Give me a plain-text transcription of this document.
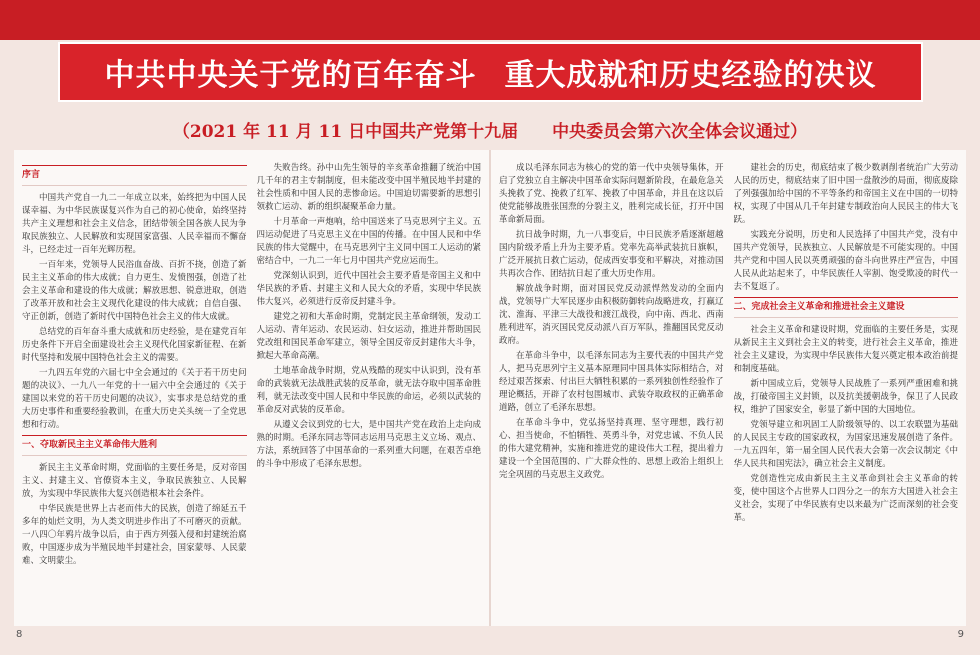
中共中央关于党的百年奋斗 重大成就和历史经验的决议
（2021 年 11 月 11 日中国共产党第十九届 中央委员会第六次全体会议通过）
序言

中国共产党自一九二一年成立以来，始终把为中国人民谋幸福、为中华民族谋复兴作为自己的初心使命，始终坚持共产主义理想和社会主义信念，团结带领全国各族人民为争取民族独立、人民解放和实现国家富强、人民幸福而不懈奋斗，已经走过一百年光辉历程。

一百年来，党领导人民浴血奋战、百折不挠，创造了新民主主义革命的伟大成就；自力更生、发愤图强，创造了社会主义革命和建设的伟大成就；解放思想、锐意进取，创造了改革开放和社会主义现代化建设的伟大成就；自信自强、守正创新，创造了新时代中国特色社会主义的伟大成就。

总结党的百年奋斗重大成就和历史经验，是在建党百年历史条件下开启全面建设社会主义现代化国家新征程、在新时代坚持和发展中国特色社会主义的需要。

一九四五年党的六届七中全会通过的《关于若干历史问题的决议》、一九八一年党的十一届六中全会通过的《关于建国以来党的若干历史问题的决议》，实事求是总结党的重大历史事件和重要经验教训，在重大历史关头统一了全党思想和行动。

一、夺取新民主主义革命伟大胜利

新民主主义革命时期，党面临的主要任务是，反对帝国主义、封建主义、官僚资本主义，争取民族独立、人民解放，为实现中华民族伟大复兴创造根本社会条件。

中华民族是世界上古老而伟大的民族，创造了绵延五千多年的灿烂文明，为人类文明进步作出了不可磨灭的贡献。一八四〇年鸦片战争以后，由于西方列强入侵和封建统治腐败，中国逐步成为半殖民地半封建社会，国家蒙辱、人民蒙难、文明蒙尘。

失败告终。孙中山先生领导的辛亥革命推翻了统治中国几千年的君主专制制度，但未能改变中国半殖民地半封建的社会性质和中国人民的悲惨命运。中国迫切需要新的思想引领救亡运动、新的组织凝聚革命力量。

十月革命一声炮响，给中国送来了马克思列宁主义。五四运动促进了马克思主义在中国的传播。在中国人民和中华民族的伟大觉醒中，在马克思列宁主义同中国工人运动的紧密结合中，一九二一年七月中国共产党应运而生。

党深刻认识到，近代中国社会主要矛盾是帝国主义和中华民族的矛盾、封建主义和人民大众的矛盾，实现中华民族伟大复兴，必须进行反帝反封建斗争。

建党之初和大革命时期，党制定民主革命纲领，发动工人运动、青年运动、农民运动、妇女运动，推进并帮助国民党改组和国民革命军建立，领导全国反帝反封建伟大斗争，掀起大革命高潮。

土地革命战争时期，党从残酷的现实中认识到，没有革命的武装就无法战胜武装的反革命，就无法夺取中国革命胜利，就无法改变中国人民和中华民族的命运，必须以武装的革命反对武装的反革命。

从遵义会议到党的七大，是中国共产党在政治上走向成熟的时期。毛泽东同志等同志运用马克思主义立场、观点、方法，系统回答了中国革命的一系列重大问题，在艰苦卓绝的斗争中形成了毛泽东思想。

成以毛泽东同志为核心的党的第一代中央领导集体，开启了党独立自主解决中国革命实际问题新阶段，在最危急关头挽救了党、挽救了红军、挽救了中国革命，并且在这以后使党能够战胜张国焘的分裂主义，胜利完成长征，打开中国革命新局面。

抗日战争时期，九一八事变后，中日民族矛盾逐渐超越国内阶级矛盾上升为主要矛盾。党率先高举武装抗日旗帜，广泛开展抗日救亡运动，促成西安事变和平解决，对推动国共再次合作、团结抗日起了重大历史作用。

解放战争时期，面对国民党反动派悍然发动的全面内战，党领导广大军民逐步由积极防御转向战略进攻，打赢辽沈、淮海、平津三大战役和渡江战役，向中南、西北、西南胜利进军，消灭国民党反动派八百万军队，推翻国民党反动政府。

在革命斗争中，以毛泽东同志为主要代表的中国共产党人，把马克思列宁主义基本原理同中国具体实际相结合，对经过艰苦探索、付出巨大牺牲积累的一系列独创性经验作了理论概括，开辟了农村包围城市、武装夺取政权的正确革命道路，创立了毛泽东思想。

在革命斗争中，党弘扬坚持真理、坚守理想，践行初心、担当使命，不怕牺牲、英勇斗争，对党忠诚、不负人民的伟大建党精神，实施和推进党的建设伟大工程，提出着力建设一个全国范围的、广大群众性的、思想上政治上组织上完全巩固的马克思主义政党。

建社会的历史，彻底结束了极少数剥削者统治广大劳动人民的历史，彻底结束了旧中国一盘散沙的局面，彻底废除了列强强加给中国的不平等条约和帝国主义在中国的一切特权，实现了中国从几千年封建专制政治向人民民主的伟大飞跃。

实践充分说明，历史和人民选择了中国共产党，没有中国共产党领导，民族独立、人民解放是不可能实现的。中国共产党和中国人民以英勇顽强的奋斗向世界庄严宣告，中国人民从此站起来了，中华民族任人宰割、饱受欺凌的时代一去不复返了。

二、完成社会主义革命和推进社会主义建设

社会主义革命和建设时期，党面临的主要任务是，实现从新民主主义到社会主义的转变，进行社会主义革命，推进社会主义建设，为实现中华民族伟大复兴奠定根本政治前提和制度基础。

新中国成立后，党领导人民战胜了一系列严重困难和挑战，打破帝国主义封锁，以及抗美援朝战争，保卫了人民政权，维护了国家安全，彰显了新中国的大国地位。

党领导建立和巩固工人阶级领导的、以工农联盟为基础的人民民主专政的国家政权，为国家迅速发展创造了条件。一九五四年，第一届全国人民代表大会第一次会议制定《中华人民共和国宪法》，确立社会主义制度。

党创造性完成由新民主主义革命到社会主义革命的转变，使中国这个占世界人口四分之一的东方大国进入社会主义社会，实现了中华民族有史以来最为广泛而深刻的社会变革。

8	9
